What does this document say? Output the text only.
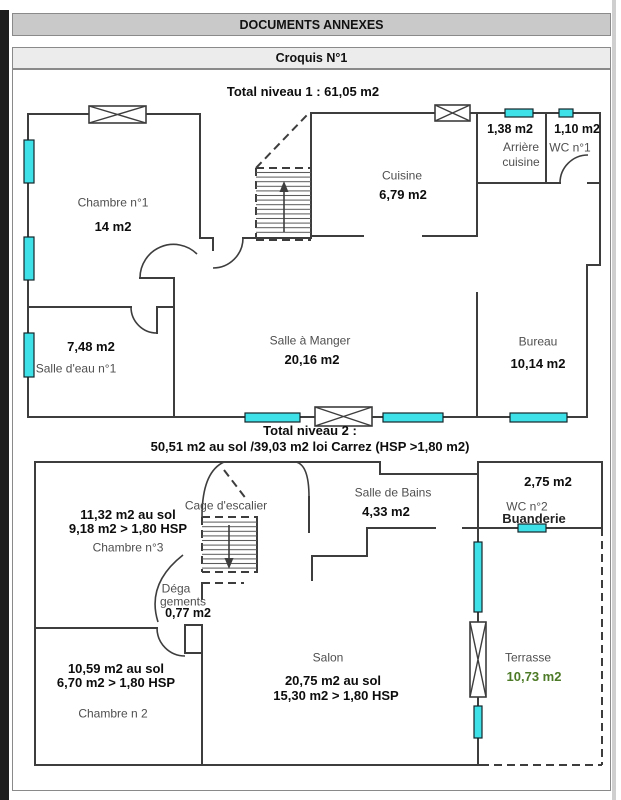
DOCUMENTS ANNEXES
Croquis N°1
Total niveau 1 : 61,05 m2
Chambre n°1
14 m2
Cuisine
6,79 m2
1,38 m2
Arrière cuisine
1,10 m2
WC n°1
7,48 m2
Salle d'eau n°1
Salle à Manger
20,16 m2
Bureau
10,14 m2
Total niveau 2 :
50,51 m2 au sol /39,03 m2 loi Carrez (HSP >1,80 m2)
Cage d'escalier
11,32 m2 au sol
9,18 m2 > 1,80 HSP
Chambre n°3
Salle de Bains
4,33 m2
2,75 m2
WC n°2
Buanderie
Déga
gements
0,77 m2
10,59 m2 au sol
6,70 m2 > 1,80 HSP
Chambre n 2
Salon
20,75 m2 au sol
15,30 m2 > 1,80 HSP
Terrasse
10,73 m2
